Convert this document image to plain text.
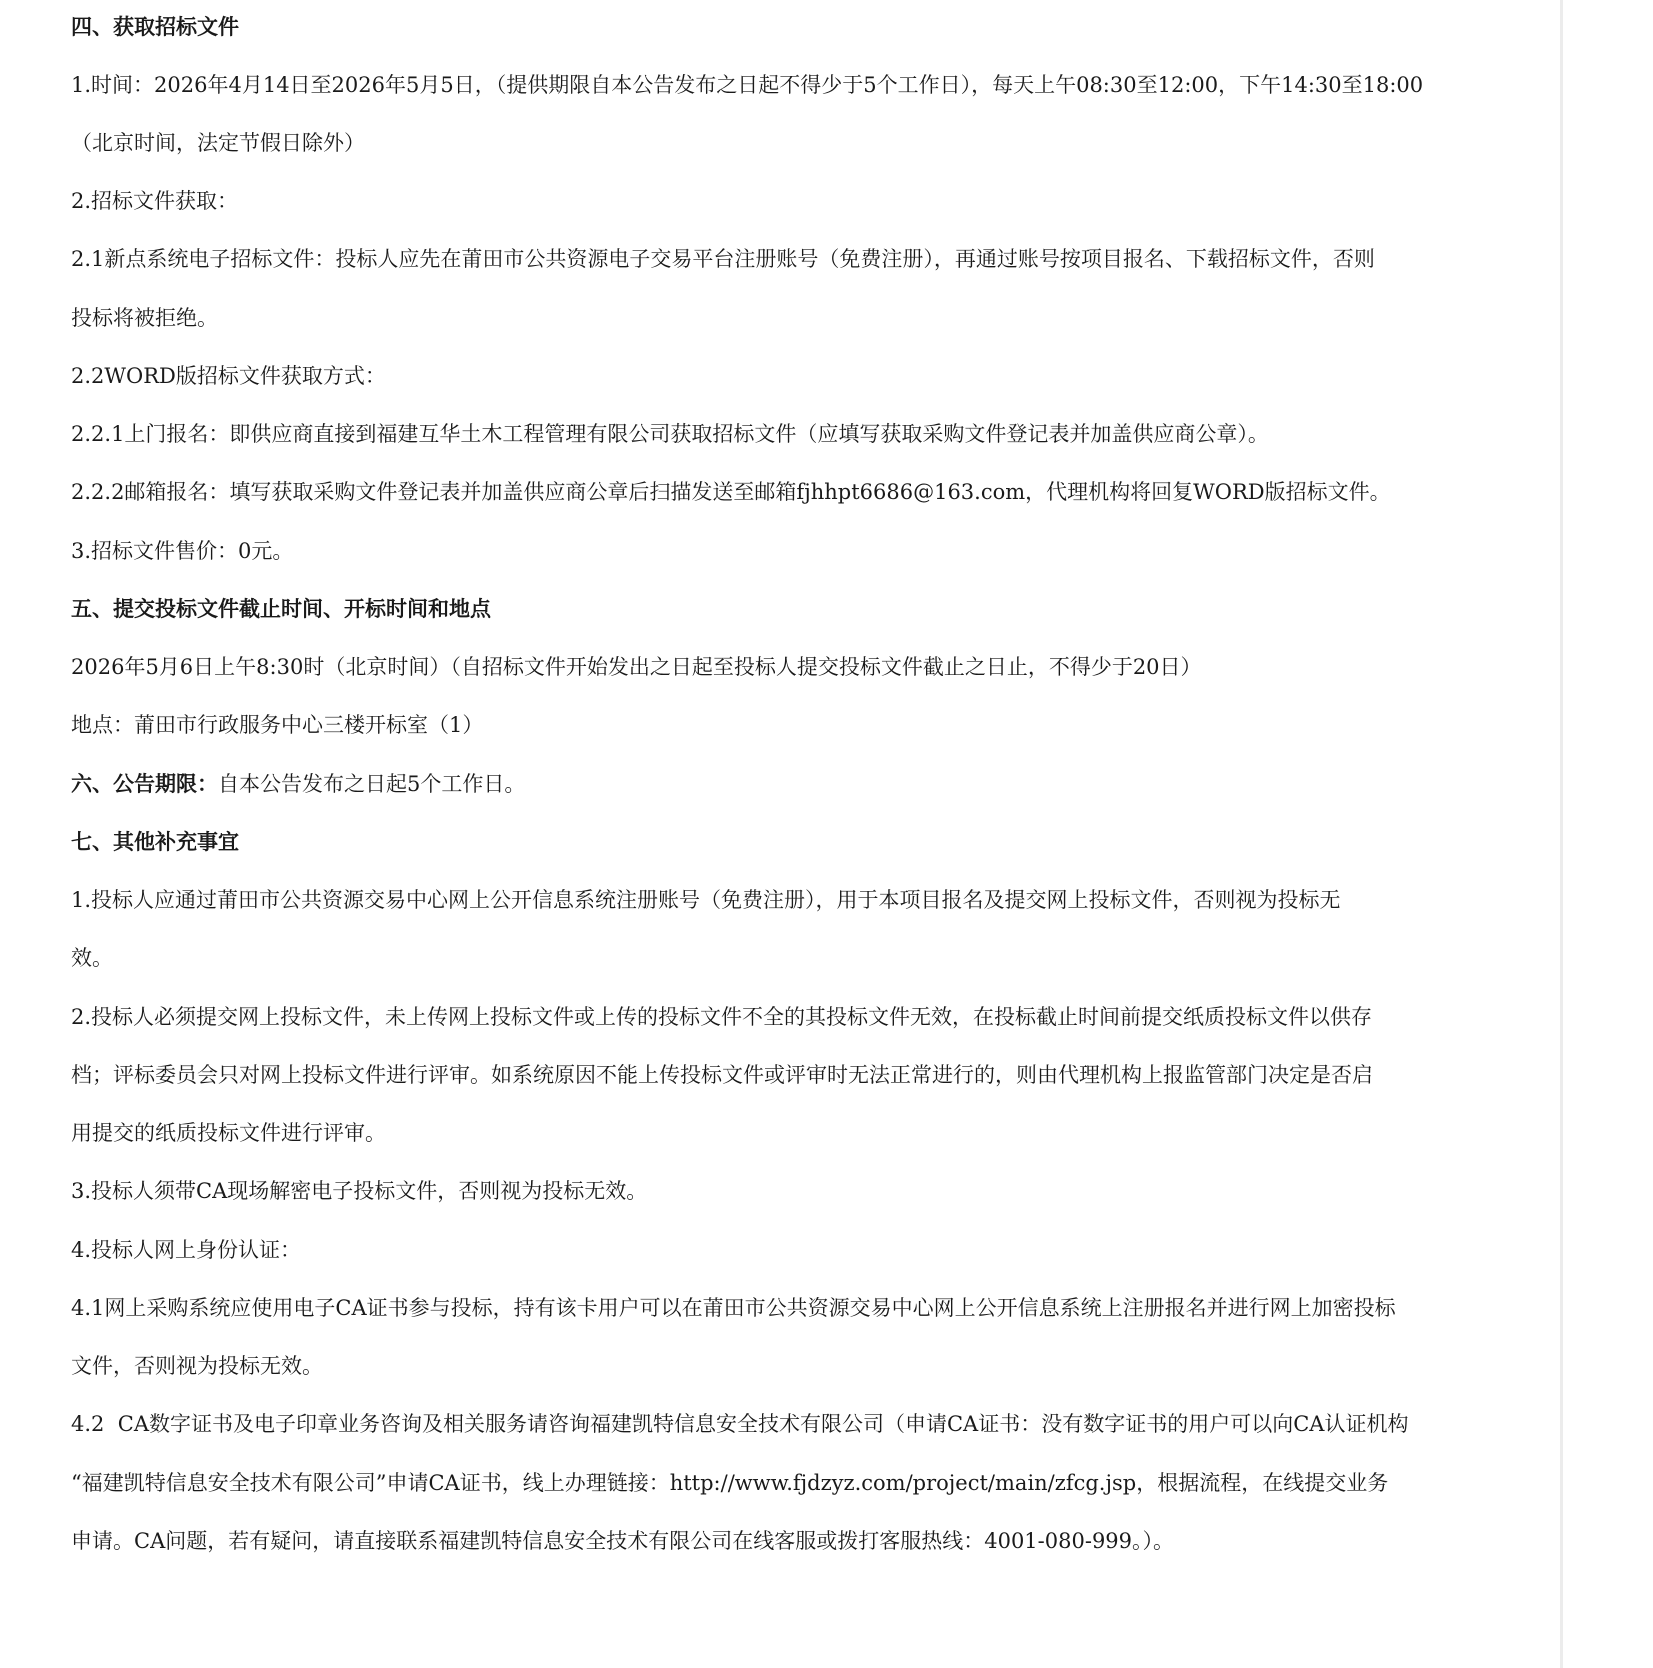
四、获取招标文件
1.时间：2026年4月14日至2026年5月5日，（提供期限自本公告发布之日起不得少于5个工作日），每天上午08:30至12:00，下午14:30至18:00
（北京时间，法定节假日除外）
2.招标文件获取：
2.1新点系统电子招标文件：投标人应先在莆田市公共资源电子交易平台注册账号（免费注册），再通过账号按项目报名、下载招标文件，否则
投标将被拒绝。
2.2WORD版招标文件获取方式：
2.2.1上门报名：即供应商直接到福建互华土木工程管理有限公司获取招标文件（应填写获取采购文件登记表并加盖供应商公章）。
2.2.2邮箱报名：填写获取采购文件登记表并加盖供应商公章后扫描发送至邮箱fjhhpt6686@163.com，代理机构将回复WORD版招标文件。
3.招标文件售价：0元。
五、提交投标文件截止时间、开标时间和地点
2026年5月6日上午8:30时（北京时间）（自招标文件开始发出之日起至投标人提交投标文件截止之日止，不得少于20日）
地点：莆田市行政服务中心三楼开标室（1）
六、公告期限：自本公告发布之日起5个工作日。
七、其他补充事宜
1.投标人应通过莆田市公共资源交易中心网上公开信息系统注册账号（免费注册），用于本项目报名及提交网上投标文件，否则视为投标无
效。
2.投标人必须提交网上投标文件，未上传网上投标文件或上传的投标文件不全的其投标文件无效，在投标截止时间前提交纸质投标文件以供存
档；评标委员会只对网上投标文件进行评审。如系统原因不能上传投标文件或评审时无法正常进行的，则由代理机构上报监管部门决定是否启
用提交的纸质投标文件进行评审。
3.投标人须带CA现场解密电子投标文件，否则视为投标无效。
4.投标人网上身份认证：
4.1网上采购系统应使用电子CA证书参与投标，持有该卡用户可以在莆田市公共资源交易中心网上公开信息系统上注册报名并进行网上加密投标
文件，否则视为投标无效。
4.2  CA数字证书及电子印章业务咨询及相关服务请咨询福建凯特信息安全技术有限公司（申请CA证书：没有数字证书的用户可以向CA认证机构
“福建凯特信息安全技术有限公司”申请CA证书，线上办理链接：http://www.fjdzyz.com/project/main/zfcg.jsp，根据流程，在线提交业务
申请。CA问题，若有疑问，请直接联系福建凯特信息安全技术有限公司在线客服或拨打客服热线：4001-080-999。）。
